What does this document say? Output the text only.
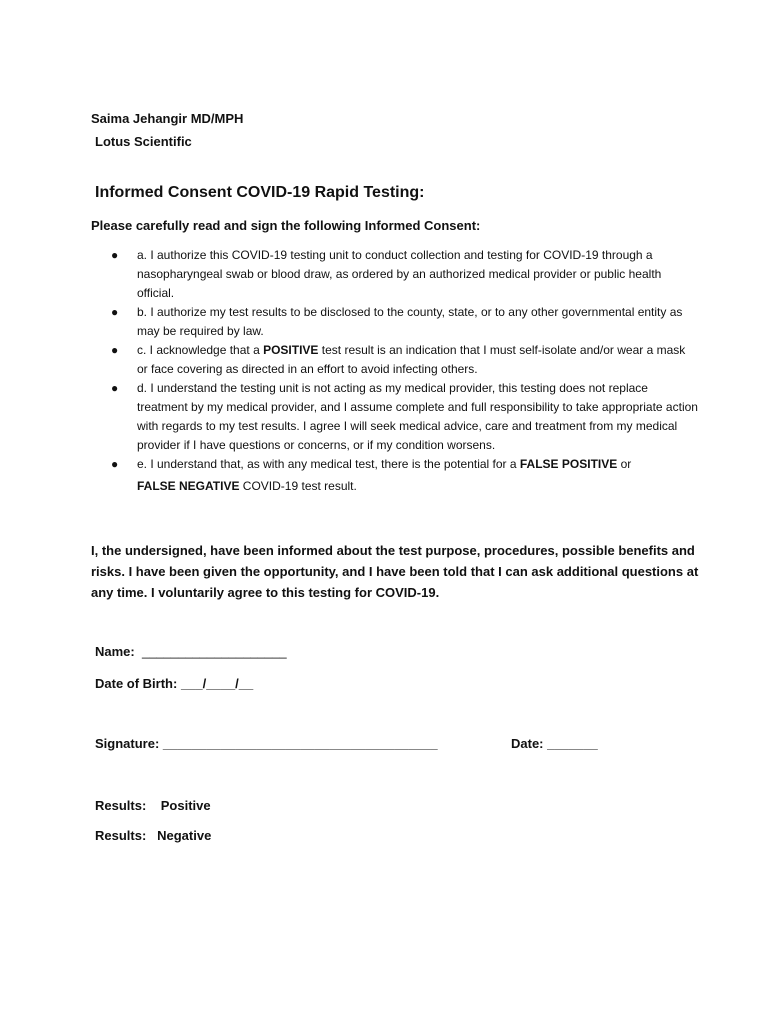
Saima Jehangir MD/MPH
Lotus Scientific
Informed Consent COVID-19 Rapid Testing:
Please carefully read and sign the following Informed Consent:
● a. I authorize this COVID-19 testing unit to conduct collection and testing for COVID-19 through a nasopharyngeal swab or blood draw, as ordered by an authorized medical provider or public health official.
● b. I authorize my test results to be disclosed to the county, state, or to any other governmental entity as may be required by law.
● c. I acknowledge that a POSITIVE test result is an indication that I must self-isolate and/or wear a mask or face covering as directed in an effort to avoid infecting others.
● d. I understand the testing unit is not acting as my medical provider, this testing does not replace treatment by my medical provider, and I assume complete and full responsibility to take appropriate action with regards to my test results. I agree I will seek medical advice, care and treatment from my medical provider if I have questions or concerns, or if my condition worsens.
● e. I understand that, as with any medical test, there is the potential for a FALSE POSITIVE or
FALSE NEGATIVE COVID-19 test result.
I, the undersigned, have been informed about the test purpose, procedures, possible benefits and risks. I have been given the opportunity, and I have been told that I can ask additional questions at any time. I voluntarily agree to this testing for COVID-19.
Name:  ____________________
Date of Birth: ___/____/__
Signature: ______________________________________	Date: _______
Results:    Positive
Results:   Negative
